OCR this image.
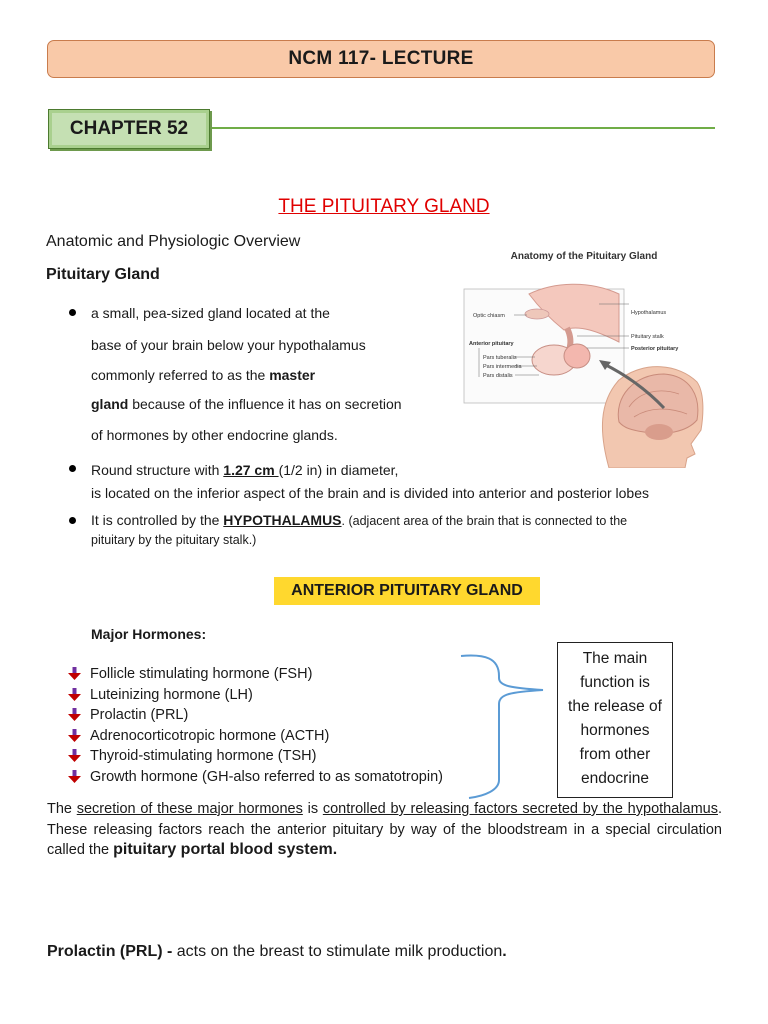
NCM 117- LECTURE
CHAPTER 52
THE PITUITARY GLAND
Anatomic and Physiologic Overview
Pituitary Gland
a small, pea-sized gland located at the
base of your brain below your hypothalamus
commonly referred to as the master
gland because of the influence it has on secretion
of hormones by other endocrine glands.
Round structure with 1.27 cm (1/2 in) in diameter,
is located on the inferior aspect of the brain and is divided into anterior and posterior lobes
It is controlled by the HYPOTHALAMUS. (adjacent area of the brain that is connected to the
pituitary by the pituitary stalk.)
Anatomy of the Pituitary Gland
Optic chiasm
Anterior pituitary
Pars tuberalis
Pars intermedia
Pars distalis
Hypothalamus
Pituitary stalk
Posterior pituitary
ANTERIOR PITUITARY GLAND
Major Hormones:
Follicle stimulating hormone (FSH)
Luteinizing hormone (LH)
Prolactin (PRL)
Adrenocorticotropic hormone (ACTH)
Thyroid-stimulating hormone (TSH)
Growth hormone (GH-also referred to as somatotropin)
The main
function is
the release of
hormones
from other
endocrine
The secretion of these major hormones is controlled by releasing factors secreted by the hypothalamus. These releasing factors reach the anterior pituitary by way of the bloodstream in a special circulation called the pituitary portal blood system.
Prolactin (PRL) - acts on the breast to stimulate milk production.
